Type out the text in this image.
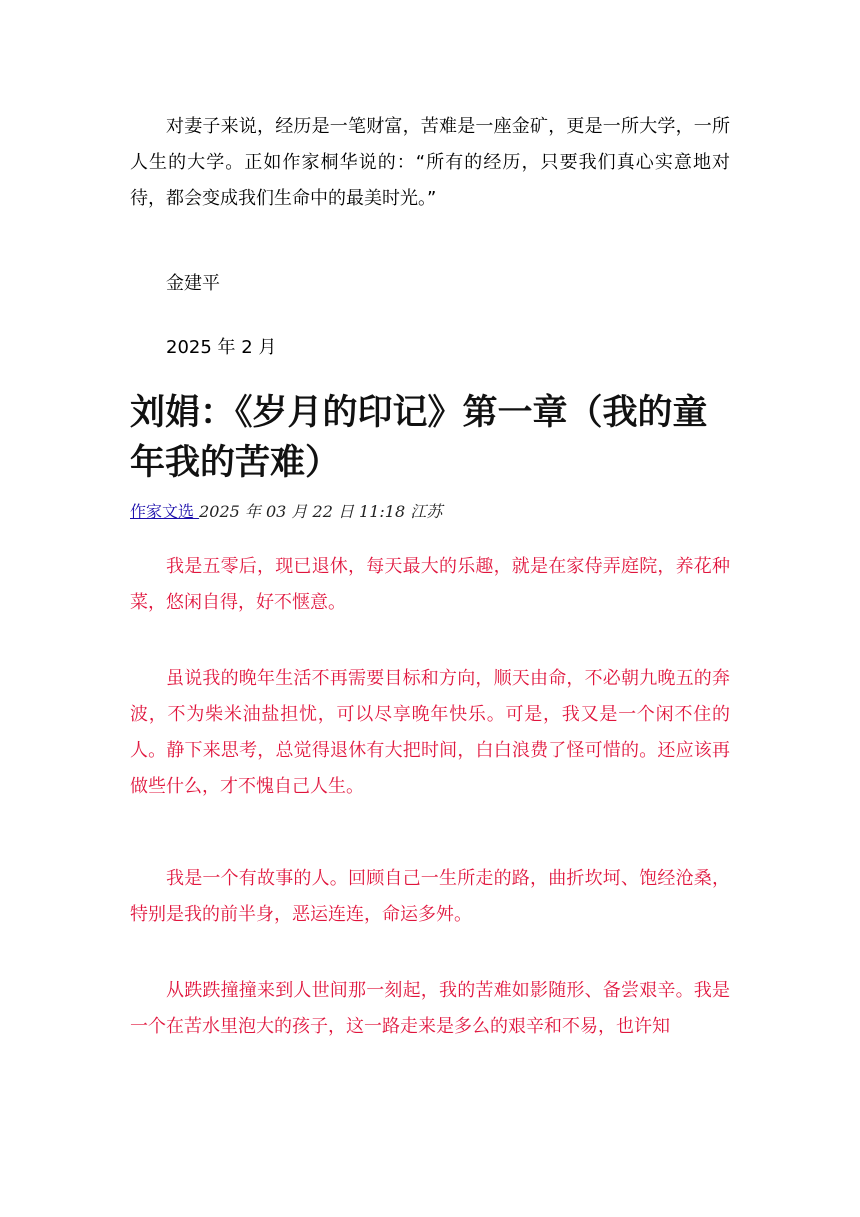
对妻子来说，经历是一笔财富，苦难是一座金矿，更是一所大学，一所人生的大学。正如作家桐华说的：“所有的经历，只要我们真心实意地对待，都会变成我们生命中的最美时光。”

金建平

2025 年 2 月

刘娟：《岁月的印记》第一章（我的童年我的苦难）
作家文选 2025 年 03 月 22 日 11:18 江苏

我是五零后，现已退休，每天最大的乐趣，就是在家侍弄庭院，养花种菜，悠闲自得，好不惬意。

虽说我的晚年生活不再需要目标和方向，顺天由命，不必朝九晚五的奔波，不为柴米油盐担忧，可以尽享晚年快乐。可是，我又是一个闲不住的人。静下来思考，总觉得退休有大把时间，白白浪费了怪可惜的。还应该再做些什么，才不愧自己人生。

我是一个有故事的人。回顾自己一生所走的路，曲折坎坷、饱经沧桑，特别是我的前半身，恶运连连，命运多舛。

从跌跌撞撞来到人世间那一刻起，我的苦难如影随形、备尝艰辛。我是一个在苦水里泡大的孩子，这一路走来是多么的艰辛和不易，也许知
